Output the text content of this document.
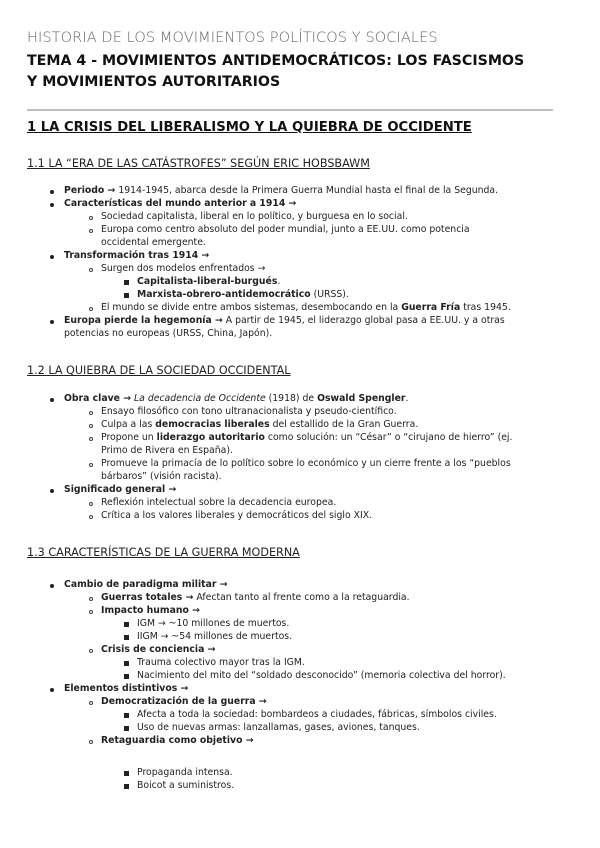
HISTORIA DE LOS MOVIMIENTOS POLÍTICOS Y SOCIALES
TEMA 4 - MOVIMIENTOS ANTIDEMOCRÁTICOS: LOS FASCISMOS
Y MOVIMIENTOS AUTORITARIOS
1 LA CRISIS DEL LIBERALISMO Y LA QUIEBRA DE OCCIDENTE
1.1 LA “ERA DE LAS CATÁSTROFES” SEGÚN ERIC HOBSBAWM
Periodo → 1914-1945, abarca desde la Primera Guerra Mundial hasta el final de la Segunda.
Características del mundo anterior a 1914 →
Sociedad capitalista, liberal en lo político, y burguesa en lo social.
Europa como centro absoluto del poder mundial, junto a EE.UU. como potencia
occidental emergente.
Transformación tras 1914 →
Surgen dos modelos enfrentados →
Capitalista-liberal-burgués.
Marxista-obrero-antidemocrático (URSS).
El mundo se divide entre ambos sistemas, desembocando en la Guerra Fría tras 1945.
Europa pierde la hegemonía → A partir de 1945, el liderazgo global pasa a EE.UU. y a otras
potencias no europeas (URSS, China, Japón).
1.2 LA QUIEBRA DE LA SOCIEDAD OCCIDENTAL
Obra clave → La decadencia de Occidente (1918) de Oswald Spengler.
Ensayo filosófico con tono ultranacionalista y pseudo-científico.
Culpa a las democracias liberales del estallido de la Gran Guerra.
Propone un liderazgo autoritario como solución: un “César” o “cirujano de hierro” (ej.
Primo de Rivera en España).
Promueve la primacía de lo político sobre lo económico y un cierre frente a los “pueblos
bárbaros” (visión racista).
Significado general →
Reflexión intelectual sobre la decadencia europea.
Crítica a los valores liberales y democráticos del siglo XIX.
1.3 CARACTERÍSTICAS DE LA GUERRA MODERNA
Cambio de paradigma militar →
Guerras totales → Afectan tanto al frente como a la retaguardia.
Impacto humano →
IGM → ~10 millones de muertos.
IIGM → ~54 millones de muertos.
Crisis de conciencia →
Trauma colectivo mayor tras la IGM.
Nacimiento del mito del “soldado desconocido” (memoria colectiva del horror).
Elementos distintivos →
Democratización de la guerra →
Afecta a toda la sociedad: bombardeos a ciudades, fábricas, símbolos civiles.
Uso de nuevas armas: lanzallamas, gases, aviones, tanques.
Retaguardia como objetivo →
Propaganda intensa.
Boicot a suministros.
